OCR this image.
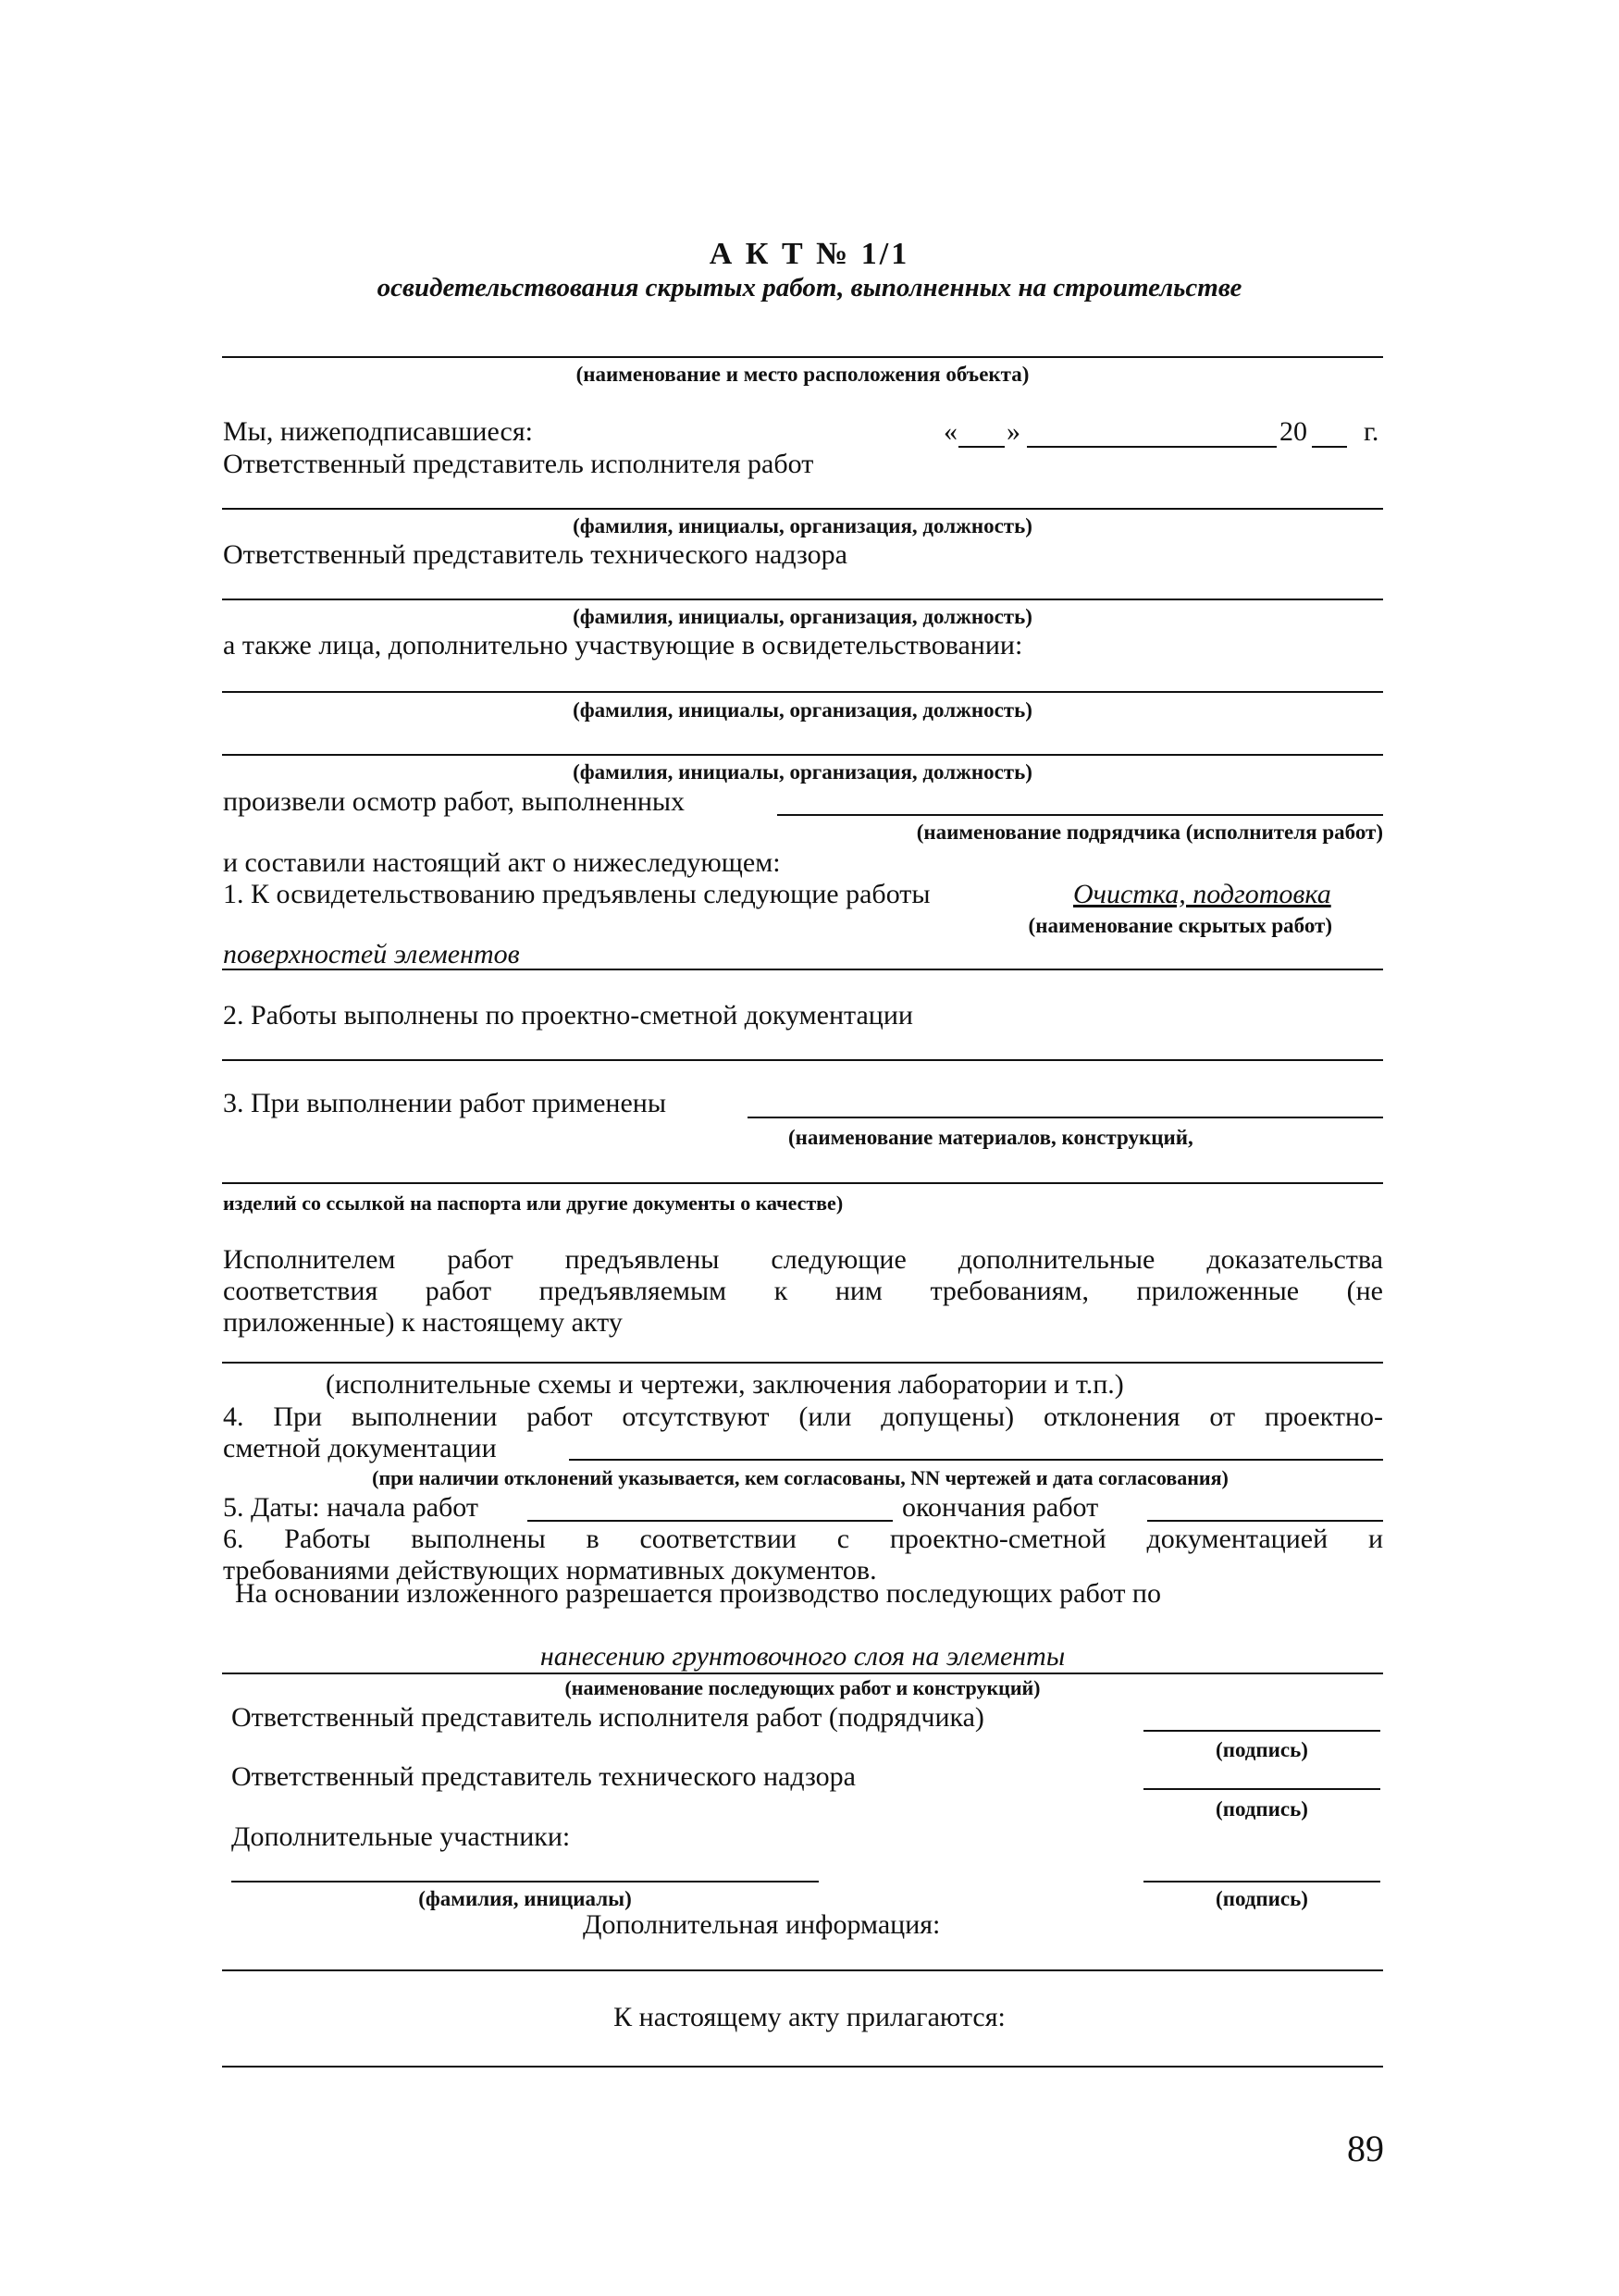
А К Т № 1/1
освидетельствования скрытых работ, выполненных на строительстве
(наименование и место расположения объекта)
Мы, нижеподписавшиеся:	« »	20 г.
Ответственный представитель исполнителя работ
(фамилия, инициалы, организация, должность)
Ответственный представитель технического надзора
(фамилия, инициалы, организация, должность)
а также лица, дополнительно участвующие в освидетельствовании:
(фамилия, инициалы, организация, должность)
(фамилия, инициалы, организация, должность)
произвели осмотр работ, выполненных
(наименование подрядчика (исполнителя работ)
и составили настоящий акт о нижеследующем:
1. К освидетельствованию предъявлены следующие работы	Очистка, подготовка
(наименование скрытых работ)
поверхностей элементов
2. Работы выполнены по проектно-сметной документации
3. При выполнении работ применены
(наименование материалов, конструкций,
изделий со ссылкой на паспорта или другие документы о качестве)
Исполнителем работ предъявлены следующие дополнительные доказательства
соответствия работ предъявляемым к ним требованиям, приложенные (не
приложенные) к настоящему акту
(исполнительные схемы и чертежи, заключения лаборатории и т.п.)
4. При выполнении работ отсутствуют (или допущены) отклонения от проектно-
сметной документации
(при наличии отклонений указывается, кем согласованы, NN чертежей и дата согласования)
5. Даты: начала работ	окончания работ
6. Работы выполнены в соответствии с проектно-сметной документацией и
требованиями действующих нормативных документов.
На основании изложенного разрешается производство последующих работ по
нанесению грунтовочного слоя на элементы
(наименование последующих работ и конструкций)
Ответственный представитель исполнителя работ (подрядчика)
(подпись)
Ответственный представитель технического надзора
(подпись)
Дополнительные участники:
(фамилия, инициалы)	(подпись)
Дополнительная информация:
К настоящему акту прилагаются:
89
